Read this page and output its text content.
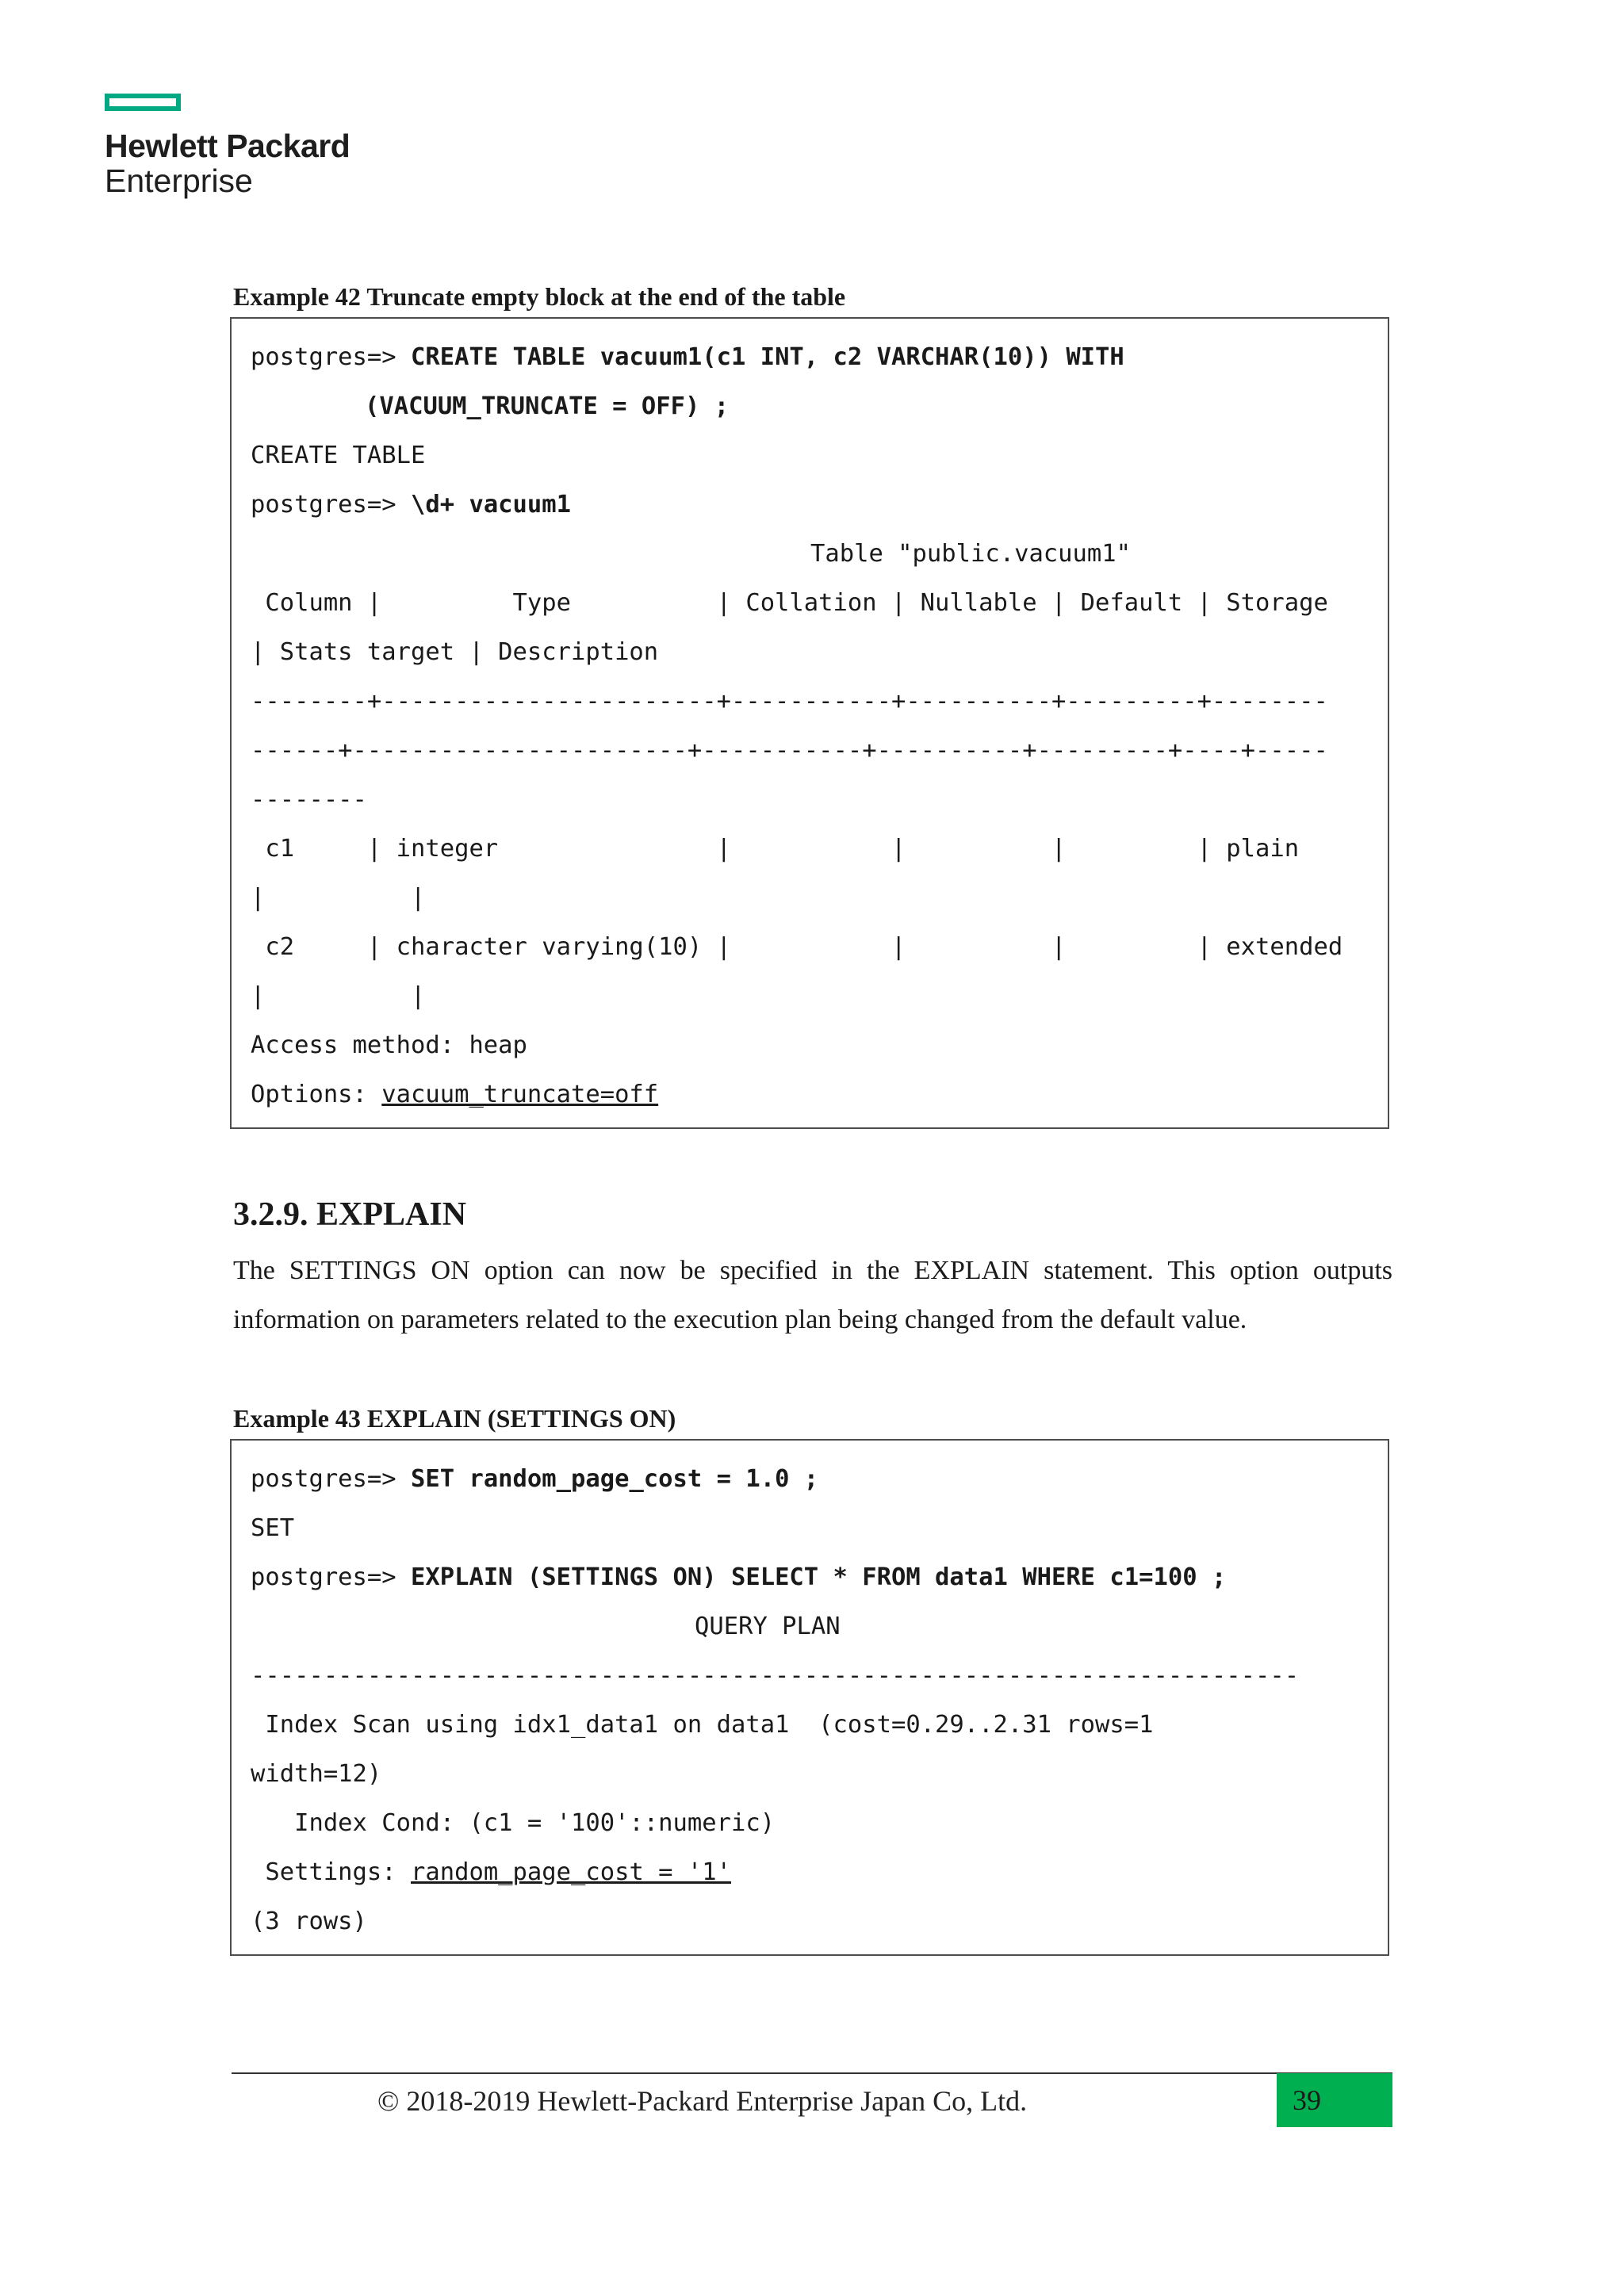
Hewlett Packard
Enterprise
Example 42 Truncate empty block at the end of the table
postgres=> CREATE TABLE vacuum1(c1 INT, c2 VARCHAR(10)) WITH
(VACUUM_TRUNCATE = OFF) ;
CREATE TABLE
postgres=> \d+ vacuum1
Table "public.vacuum1"
Column |         Type          | Collation | Nullable | Default | Storage
| Stats target | Description
--------+-----------------------+-----------+----------+---------+--------
------+-----------------------+-----------+----------+---------+----+-----
--------
c1     | integer               |           |          |         | plain
|          |
c2     | character varying(10) |           |          |         | extended
|          |
Access method: heap
Options: vacuum_truncate=off
3.2.9. EXPLAIN
The SETTINGS ON option can now be specified in the EXPLAIN statement. This option outputs information on parameters related to the execution plan being changed from the default value.
Example 43 EXPLAIN (SETTINGS ON)
postgres=> SET random_page_cost = 1.0 ;
SET
postgres=> EXPLAIN (SETTINGS ON) SELECT * FROM data1 WHERE c1=100 ;
QUERY PLAN
------------------------------------------------------------------------
Index Scan using idx1_data1 on data1  (cost=0.29..2.31 rows=1
width=12)
Index Cond: (c1 = '100'::numeric)
Settings: random_page_cost = '1'
(3 rows)
© 2018-2019 Hewlett-Packard Enterprise Japan Co, Ltd.	39
